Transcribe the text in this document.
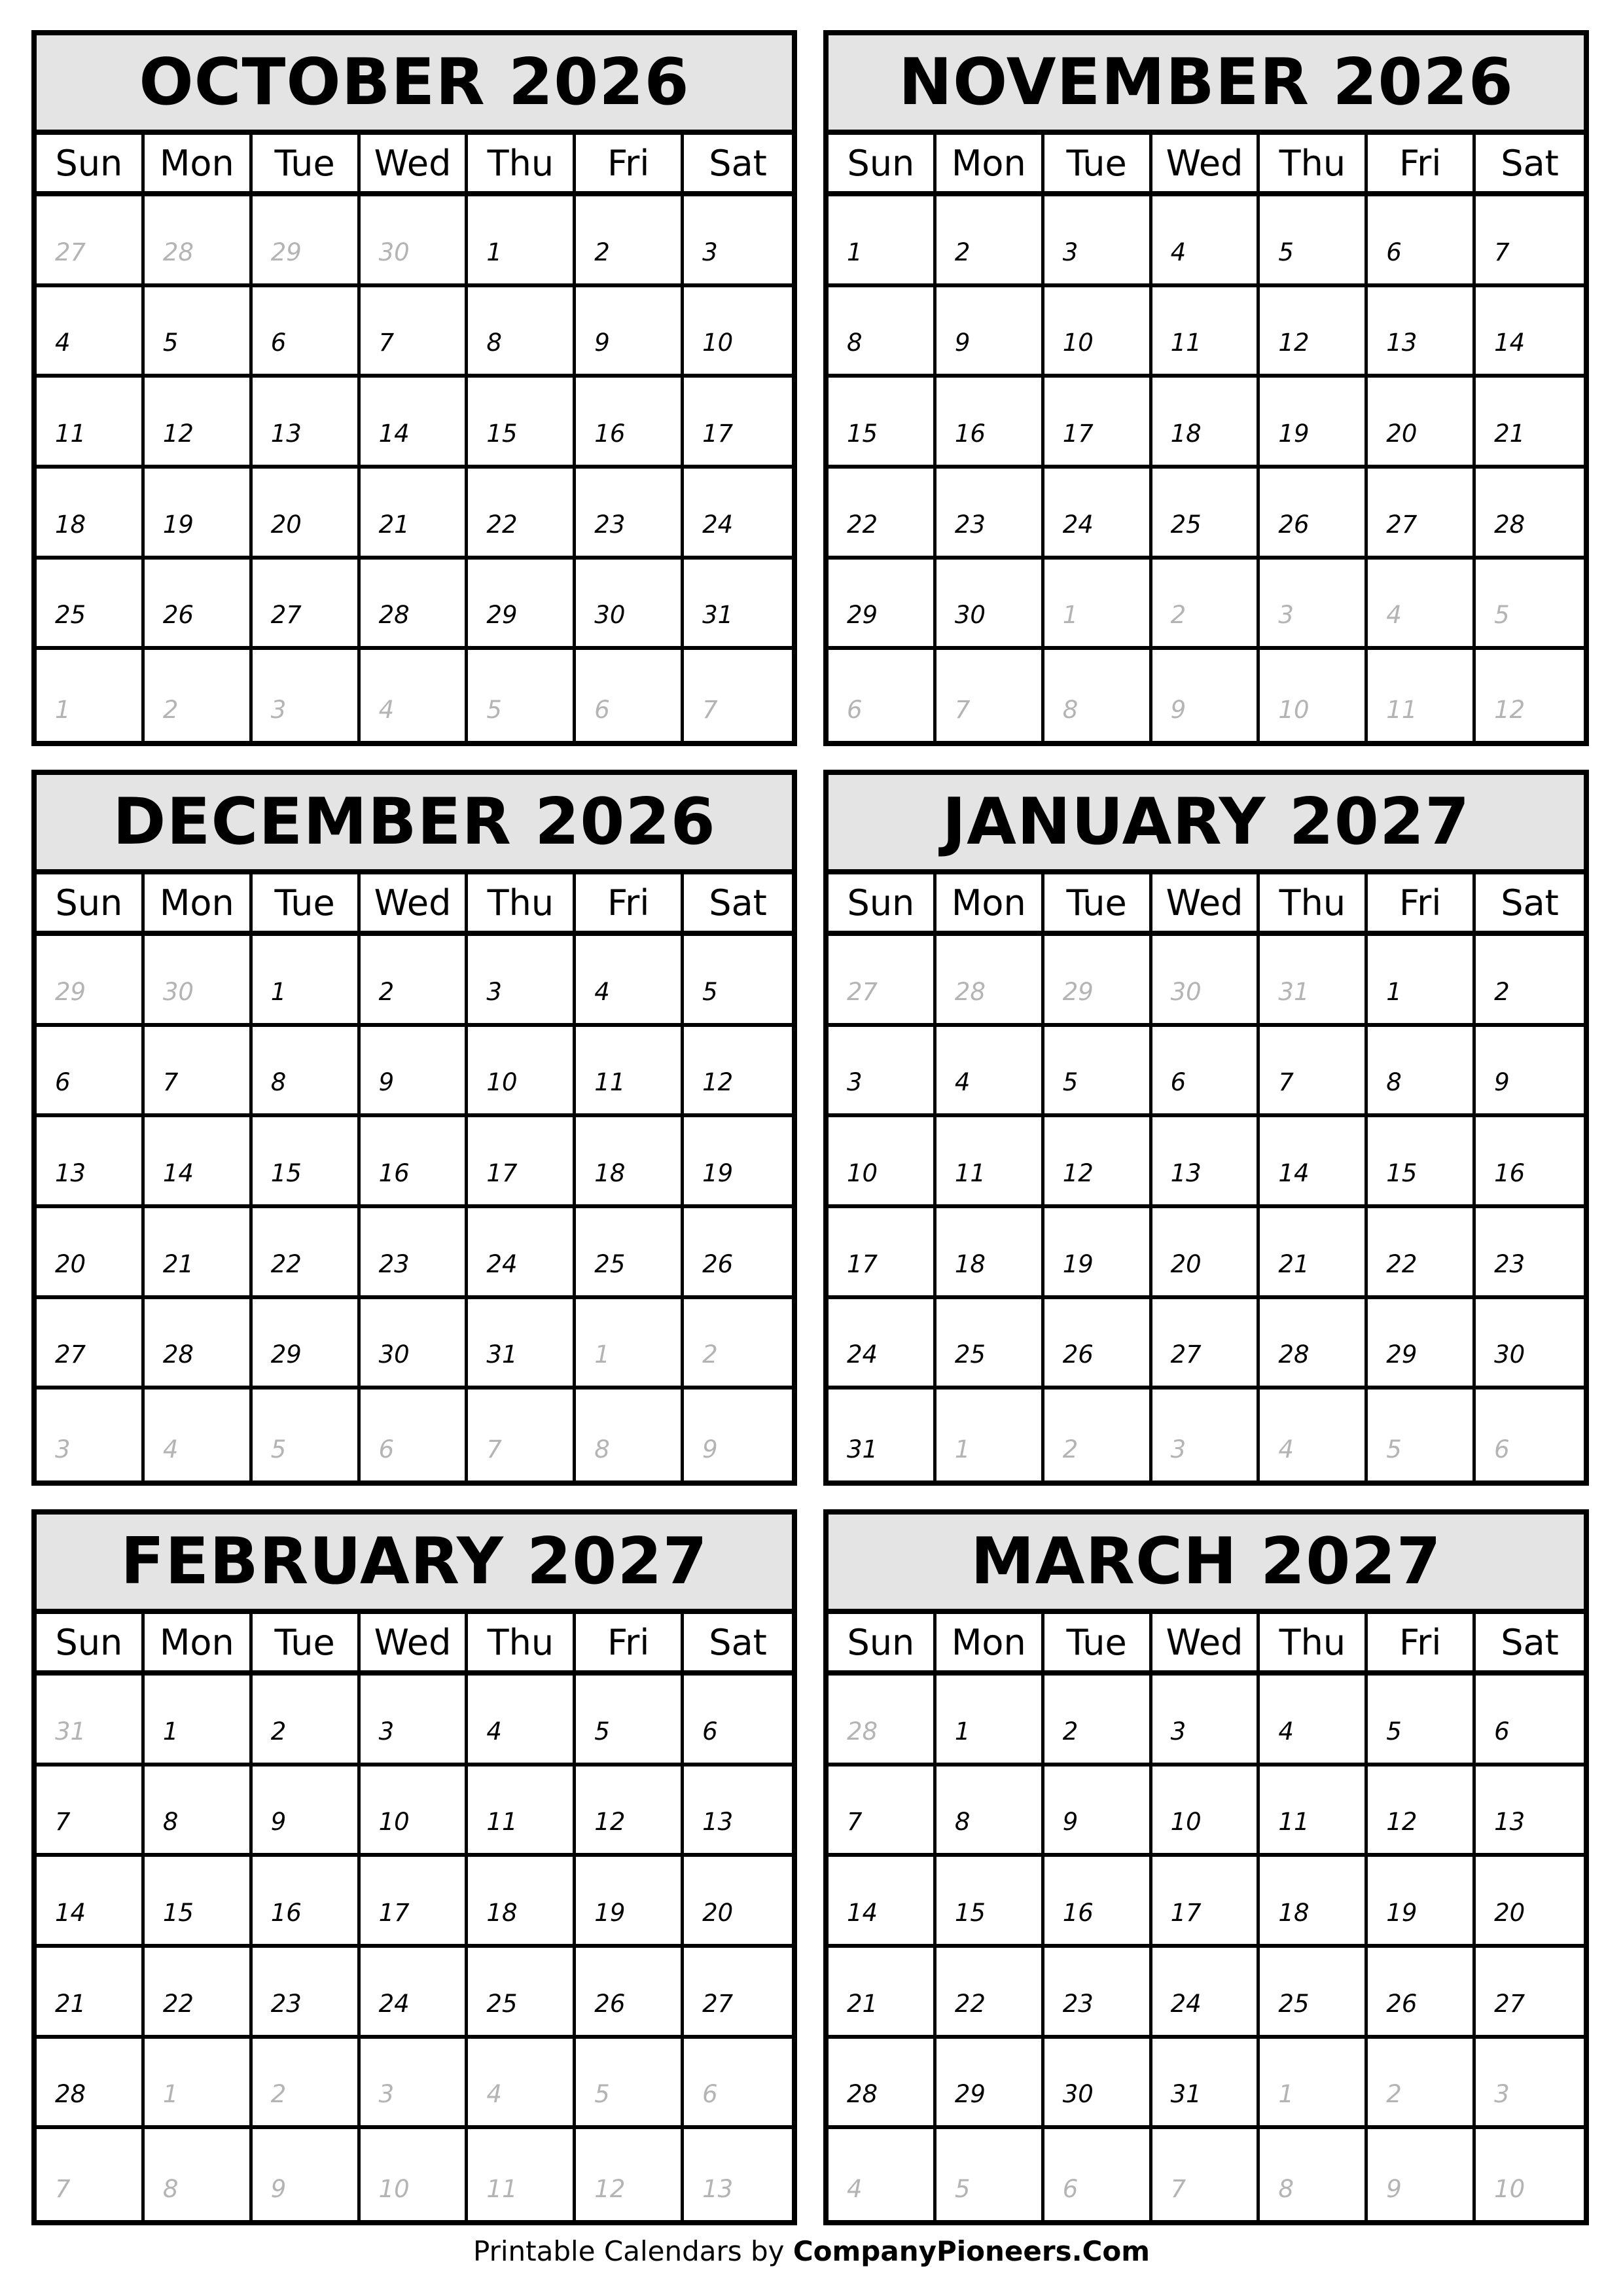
OCTOBER 2026
Sun	Mon	Tue	Wed	Thu	Fri	Sat
27	28	29	30	1	2	3
4	5	6	7	8	9	10
11	12	13	14	15	16	17
18	19	20	21	22	23	24
25	26	27	28	29	30	31
1	2	3	4	5	6	7
NOVEMBER 2026
Sun	Mon	Tue	Wed	Thu	Fri	Sat
1	2	3	4	5	6	7
8	9	10	11	12	13	14
15	16	17	18	19	20	21
22	23	24	25	26	27	28
29	30	1	2	3	4	5
6	7	8	9	10	11	12
DECEMBER 2026
Sun	Mon	Tue	Wed	Thu	Fri	Sat
29	30	1	2	3	4	5
6	7	8	9	10	11	12
13	14	15	16	17	18	19
20	21	22	23	24	25	26
27	28	29	30	31	1	2
3	4	5	6	7	8	9
JANUARY 2027
Sun	Mon	Tue	Wed	Thu	Fri	Sat
27	28	29	30	31	1	2
3	4	5	6	7	8	9
10	11	12	13	14	15	16
17	18	19	20	21	22	23
24	25	26	27	28	29	30
31	1	2	3	4	5	6
FEBRUARY 2027
Sun	Mon	Tue	Wed	Thu	Fri	Sat
31	1	2	3	4	5	6
7	8	9	10	11	12	13
14	15	16	17	18	19	20
21	22	23	24	25	26	27
28	1	2	3	4	5	6
7	8	9	10	11	12	13
MARCH 2027
Sun	Mon	Tue	Wed	Thu	Fri	Sat
28	1	2	3	4	5	6
7	8	9	10	11	12	13
14	15	16	17	18	19	20
21	22	23	24	25	26	27
28	29	30	31	1	2	3
4	5	6	7	8	9	10
Printable Calendars by CompanyPioneers.Com
